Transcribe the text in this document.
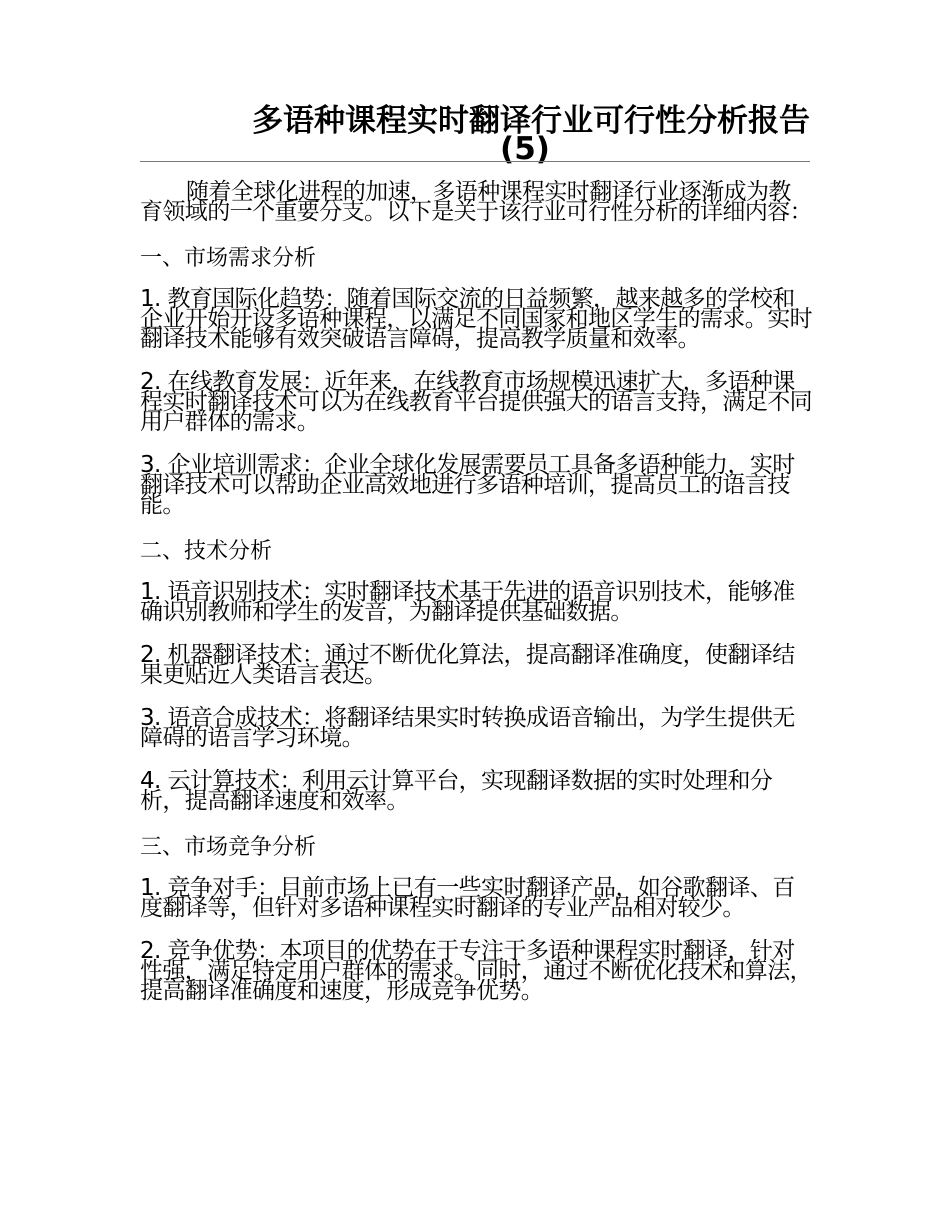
多语种课程实时翻译行业可行性分析报告
(5)

随着全球化进程的加速，多语种课程实时翻译行业逐渐成为教育领域的一个重要分支。以下是关于该行业可行性分析的详细内容：

一、市场需求分析

1. 教育国际化趋势：随着国际交流的日益频繁，越来越多的学校和企业开始开设多语种课程，以满足不同国家和地区学生的需求。实时翻译技术能够有效突破语言障碍，提高教学质量和效率。

2. 在线教育发展：近年来，在线教育市场规模迅速扩大，多语种课程实时翻译技术可以为在线教育平台提供强大的语言支持，满足不同用户群体的需求。

3. 企业培训需求：企业全球化发展需要员工具备多语种能力，实时翻译技术可以帮助企业高效地进行多语种培训，提高员工的语言技能。

二、技术分析

1. 语音识别技术：实时翻译技术基于先进的语音识别技术，能够准确识别教师和学生的发音，为翻译提供基础数据。

2. 机器翻译技术：通过不断优化算法，提高翻译准确度，使翻译结果更贴近人类语言表达。

3. 语音合成技术：将翻译结果实时转换成语音输出，为学生提供无障碍的语言学习环境。

4. 云计算技术：利用云计算平台，实现翻译数据的实时处理和分析，提高翻译速度和效率。

三、市场竞争分析

1. 竞争对手：目前市场上已有一些实时翻译产品，如谷歌翻译、百度翻译等，但针对多语种课程实时翻译的专业产品相对较少。

2. 竞争优势：本项目的优势在于专注于多语种课程实时翻译，针对性强，满足特定用户群体的需求。同时，通过不断优化技术和算法，提高翻译准确度和速度，形成竞争优势。
